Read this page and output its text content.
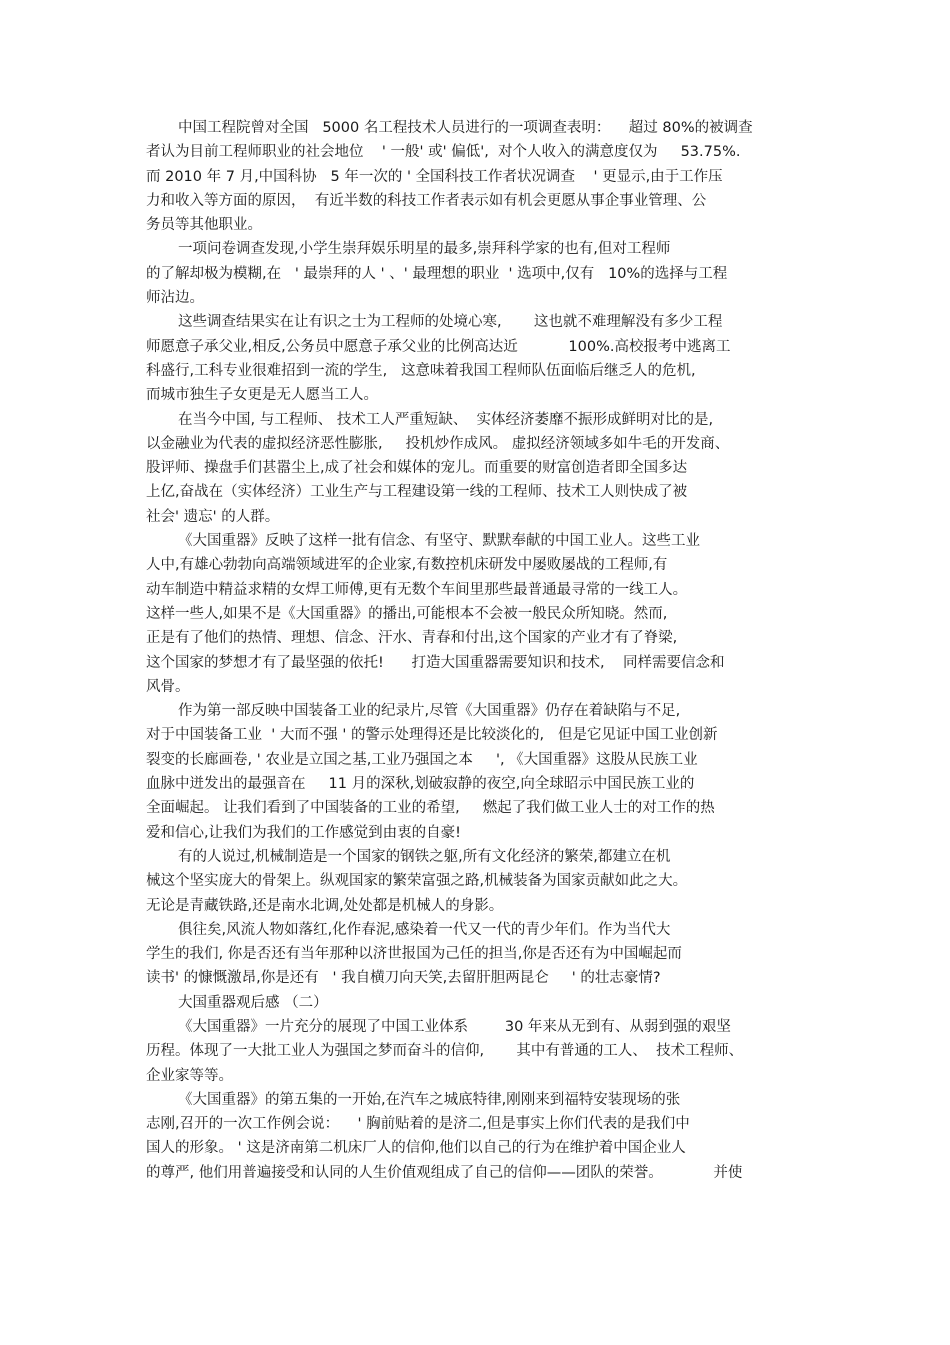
中国工程院曾对全国   5000 名工程技术人员进行的一项调查表明：    超过 80%的被调查
者认为目前工程师职业的社会地位    ' 一般' 或' 偏低',  对个人收入的满意度仅为     53.75%.
而 2010 年 7 月,中国科协   5 年一次的 ' 全国科技工作者状况调查    ' 更显示,由于工作压
力和收入等方面的原因，  有近半数的科技工作者表示如有机会更愿从事企事业管理、公
务员等其他职业。
一项问卷调查发现,小学生崇拜娱乐明星的最多,崇拜科学家的也有,但对工程师
的了解却极为模糊,在   ' 最崇拜的人 ' 、' 最理想的职业  ' 选项中,仅有   10%的选择与工程
师沾边。
这些调查结果实在让有识之士为工程师的处境心寒,       这也就不难理解没有多少工程
师愿意子承父业,相反,公务员中愿意子承父业的比例高达近           100%.高校报考中逃离工
科盛行,工科专业很难招到一流的学生,   这意味着我国工程师队伍面临后继乏人的危机,
而城市独生子女更是无人愿当工人。
在当今中国, 与工程师、 技术工人严重短缺、  实体经济萎靡不振形成鲜明对比的是,
以金融业为代表的虚拟经济恶性膨胀,     投机炒作成风。 虚拟经济领域多如牛毛的开发商、
股评师、操盘手们甚嚣尘上,成了社会和媒体的宠儿。而重要的财富创造者即全国多达
上亿,奋战在（实体经济）工业生产与工程建设第一线的工程师、技术工人则快成了被
社会' 遗忘' 的人群。
《大国重器》反映了这样一批有信念、有坚守、默默奉献的中国工业人。这些工业
人中,有雄心勃勃向高端领域进军的企业家,有数控机床研发中屡败屡战的工程师,有
动车制造中精益求精的女焊工师傅,更有无数个车间里那些最普通最寻常的一线工人。
这样一些人,如果不是《大国重器》的播出,可能根本不会被一般民众所知晓。然而,
正是有了他们的热情、理想、信念、汗水、青春和付出,这个国家的产业才有了脊梁,
这个国家的梦想才有了最坚强的依托!      打造大国重器需要知识和技术,    同样需要信念和
风骨。
作为第一部反映中国装备工业的纪录片,尽管《大国重器》仍存在着缺陷与不足,
对于中国装备工业  ' 大而不强 ' 的警示处理得还是比较淡化的,   但是它见证中国工业创新
裂变的长廊画卷, ' 农业是立国之基,工业乃强国之本     ', 《大国重器》这股从民族工业
血脉中迸发出的最强音在     11 月的深秋,划破寂静的夜空,向全球昭示中国民族工业的
全面崛起。 让我们看到了中国装备的工业的希望,     燃起了我们做工业人士的对工作的热
爱和信心,让我们为我们的工作感觉到由衷的自豪!
有的人说过,机械制造是一个国家的钢铁之躯,所有文化经济的繁荣,都建立在机
械这个坚实庞大的骨架上。纵观国家的繁荣富强之路,机械装备为国家贡献如此之大。
无论是青藏铁路,还是南水北调,处处都是机械人的身影。
俱往矣,风流人物如落红,化作春泥,感染着一代又一代的青少年们。作为当代大
学生的我们, 你是否还有当年那种以济世报国为己任的担当,你是否还有为中国崛起而
读书' 的慷慨激昂,你是还有   ' 我自横刀向天笑,去留肝胆两昆仑     ' 的壮志豪情?
大国重器观后感 （二）
《大国重器》一片充分的展现了中国工业体系        30 年来从无到有、从弱到强的艰坚
历程。体现了一大批工业人为强国之梦而奋斗的信仰,       其中有普通的工人、  技术工程师、
企业家等等。
《大国重器》的第五集的一开始,在汽车之城底特律,刚刚来到福特安装现场的张
志刚,召开的一次工作例会说：    ' 胸前贴着的是济二,但是事实上你们代表的是我们中
国人的形象。 ' 这是济南第二机床厂人的信仰,他们以自己的行为在维护着中国企业人
的尊严, 他们用普遍接受和认同的人生价值观组成了自己的信仰——团队的荣誉。           并使
